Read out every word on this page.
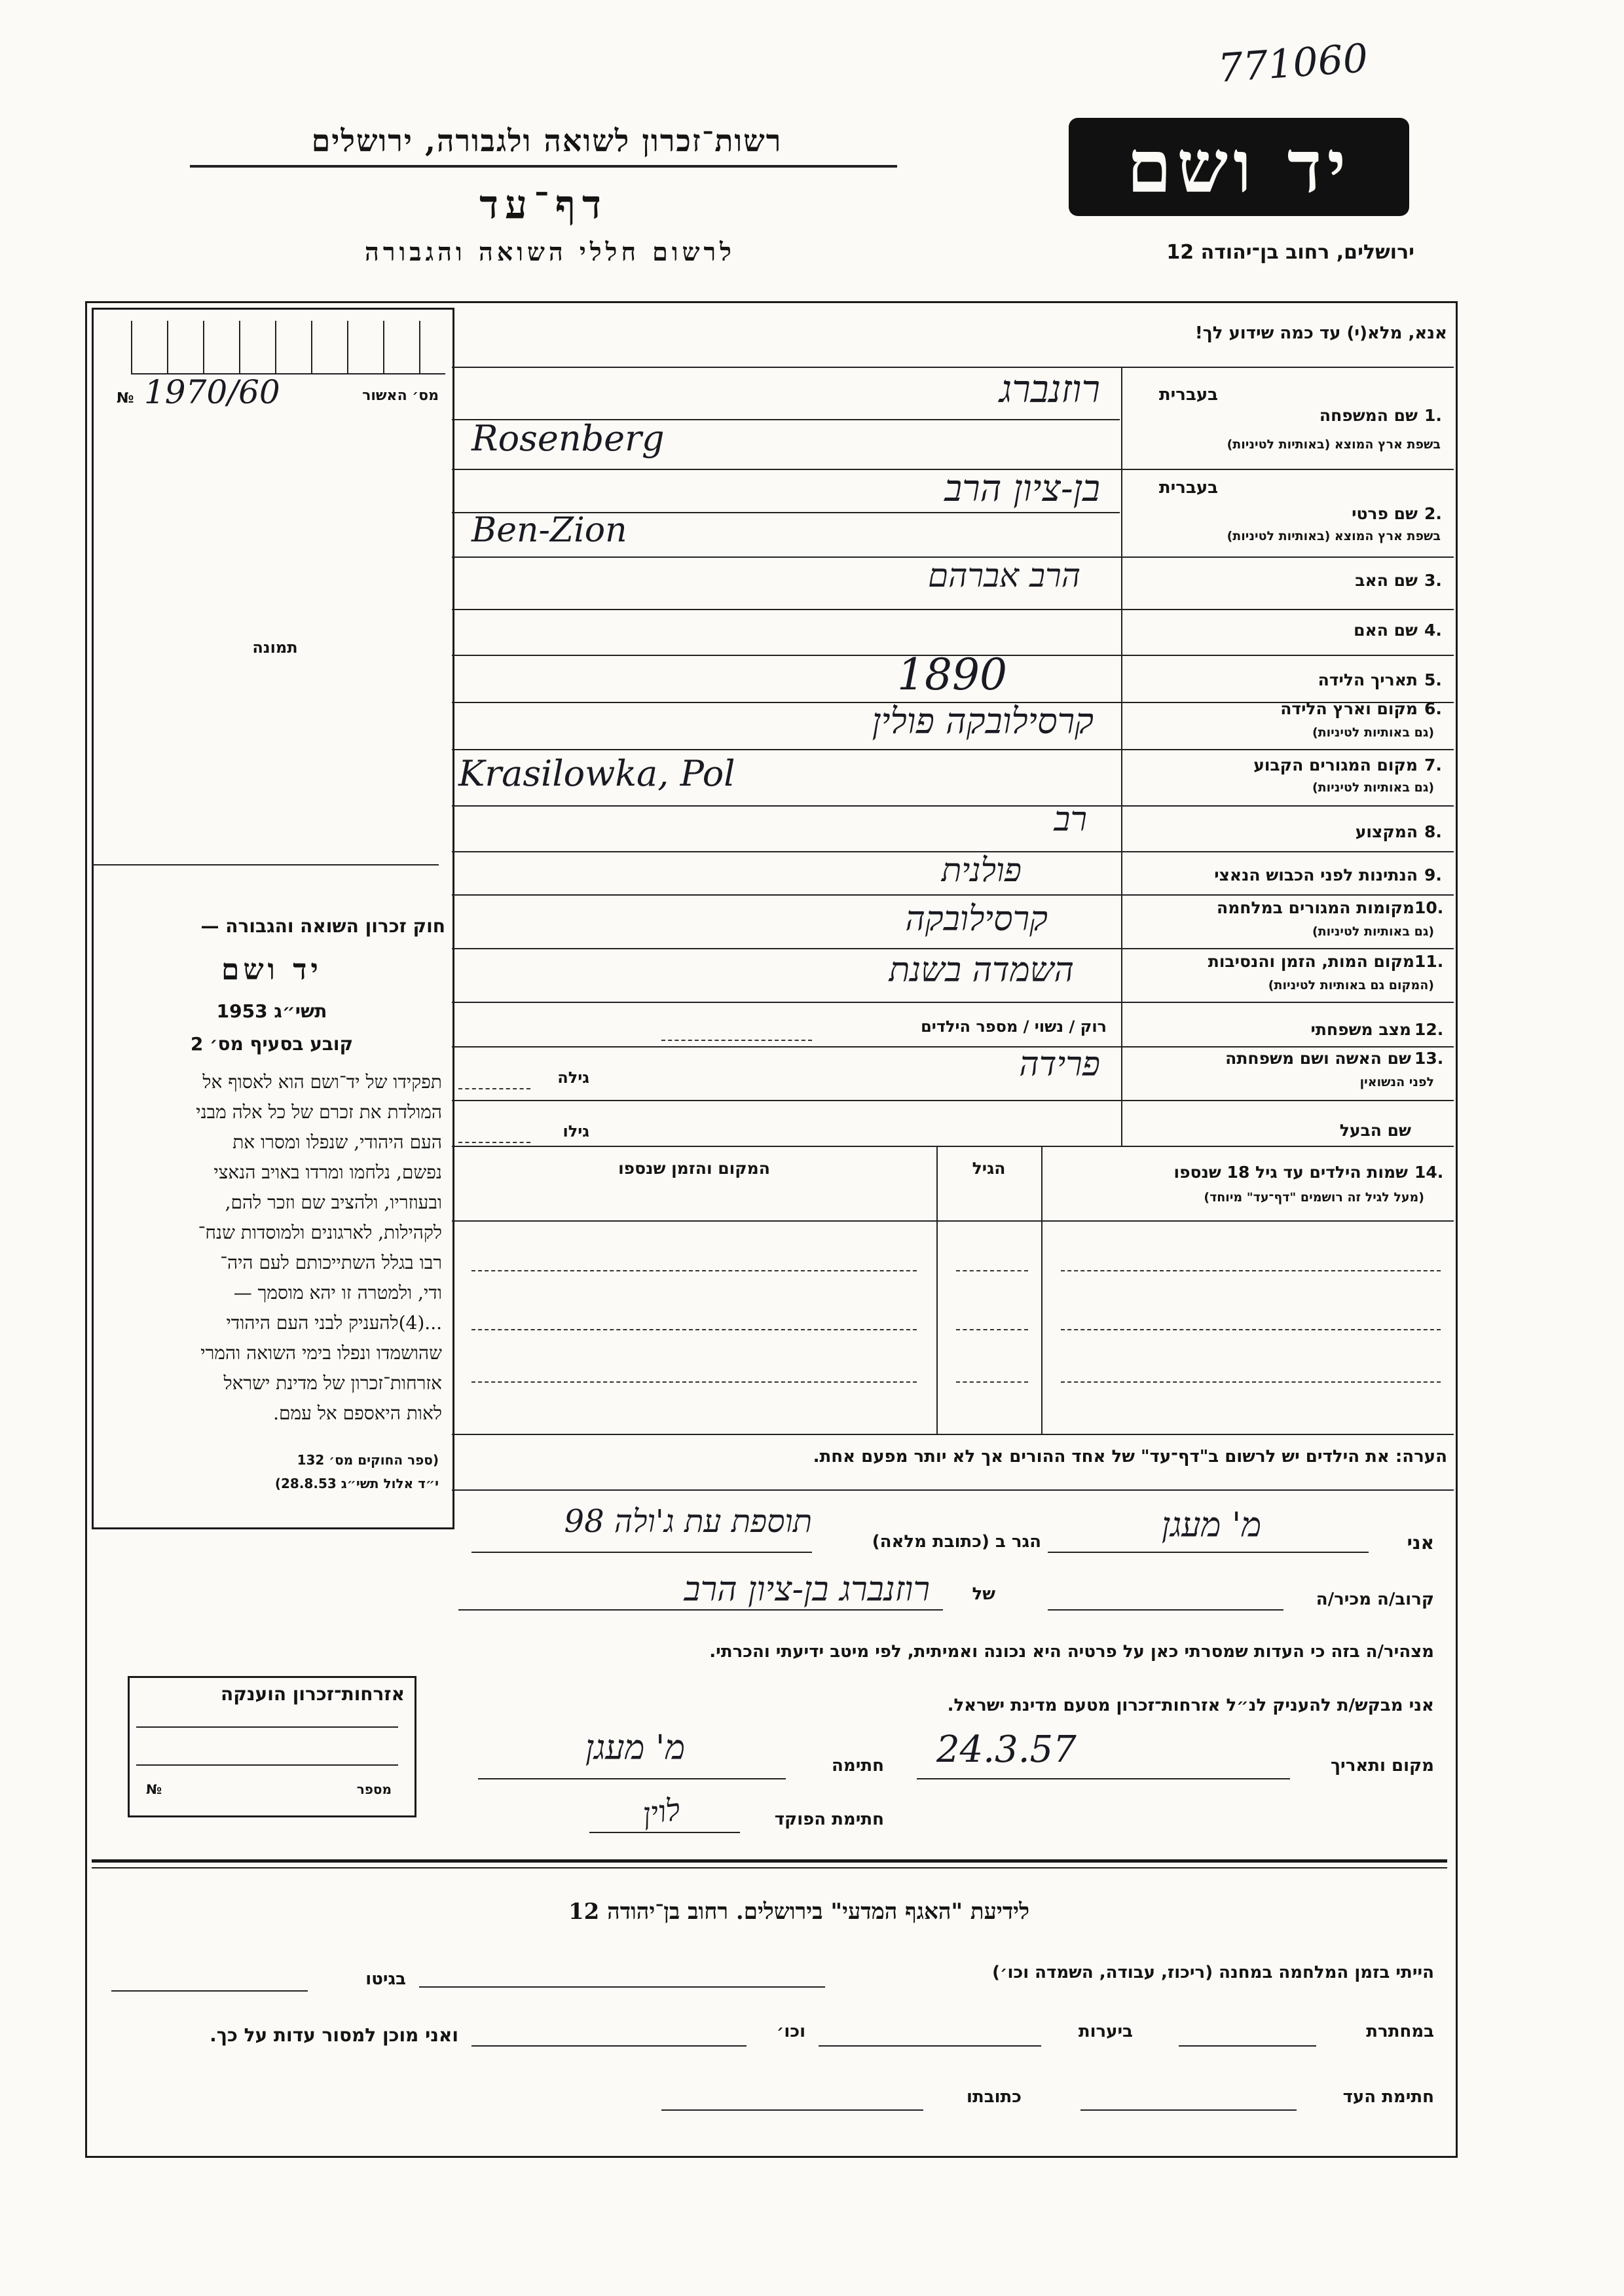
771060
רשות־זכרון לשואה ולגבורה, ירושלים
דף־עד
לרשום חללי השואה והגבורה
יד ושם
ירושלים, רחוב בן־יהודה 12
מס׳ האשור
1970/60
№
תמונה
חוק זכרון השואה והגבורה —
יד ושם
תשי״ג 1953
קובע בסעיף מס׳ 2
תפקידו של יד־ושם הוא לאסוף אל
המולדת את זכרם של כל אלה מבני
העם היהודי, שנפלו ומסרו את
נפשם, נלחמו ומרדו באויב הנאצי
ובעוזריו, ולהציב שם וזכר להם,
לקהילות, לארגונים ולמוסדות שנח־
רבו בגלל השתייכותם לעם היה־
ודי, ולמטרה זו יהא מוסמך —
...(4)להעניק לבני העם היהודי
שהושמדו ונפלו בימי השואה והמרי
אזרחות־זכרון של מדינת ישראל
לאות היאספם אל עמם.
(ספר החוקים מס׳ 132
י״ד אלול תשי״ג 28.8.53)
אזרחות־זכרון הוענקה
מספר
№
אנא, מלא(י) עד כמה שידוע לך!
בעברית
1.
שם המשפחה
בשפת ארץ המוצא (באותיות לטיניות)
רוזנברג
Rosenberg
בעברית
2.
שם פרטי
בשפת ארץ המוצא (באותיות לטיניות)
בן-ציון הרב
Ben-Zion
3.
שם האב
הרב אברהם
4.
שם האם
5.
תאריך הלידה
1890
6.
מקום וארץ הלידה
(גם באותיות לטיניות)
קרסילובקה פולין
7.
מקום המגורים הקבוע
(גם באותיות לטיניות)
Krasilowka, Pol
8.
המקצוע
רב
9.
הנתינות לפני הכבוש הנאצי
פולנית
10.
מקומות המגורים במלחמה
(גם באותיות לטיניות)
קרסילובקה
11.
מקום המות, הזמן והנסיבות
(המקום גם באותיות לטיניות)
השמדה בשנת
12.
מצב משפחתי
רוק / נשוי / מספר הילדים
13.
שם האשה ושם משפחתה
לפני הנשואין
פרידה
גילה
שם הבעל
גילו
14.
שמות הילדים עד גיל 18 שנספו
(מעל לגיל זה רושמים "דף־עד" מיוחד)
הגיל
המקום והזמן שנספו
הערה: את הילדים יש לרשום ב"דף־עד" של אחד ההורים אך לא יותר מפעם אחת.
אני
מ' מעגן
הגר ב (כתובת מלאה)
תוספת עת ג'ולה 98
קרוב/ה מכיר/ה
של
רוזנברג בן-ציון הרב
מצהיר/ה בזה כי העדות שמסרתי כאן על פרטיה היא נכונה ואמיתית, לפי מיטב ידיעתי והכרתי.
אני מבקש/ת להעניק לנ״ל אזרחות־זכרון מטעם מדינת ישראל.
מקום ותאריך
24.3.57
חתימה
מ' מעגן
חתימת הפוקד
לוין
לידיעת "האגף המדעי" בירושלים. רחוב בן־יהודה 12
הייתי בזמן המלחמה במחנה (ריכוז, עבודה, השמדה וכו׳)
בגיטו
במחתרת
ביערות
וכו׳
ואני מוכן למסור עדות על כך.
חתימת העד
כתובתו
